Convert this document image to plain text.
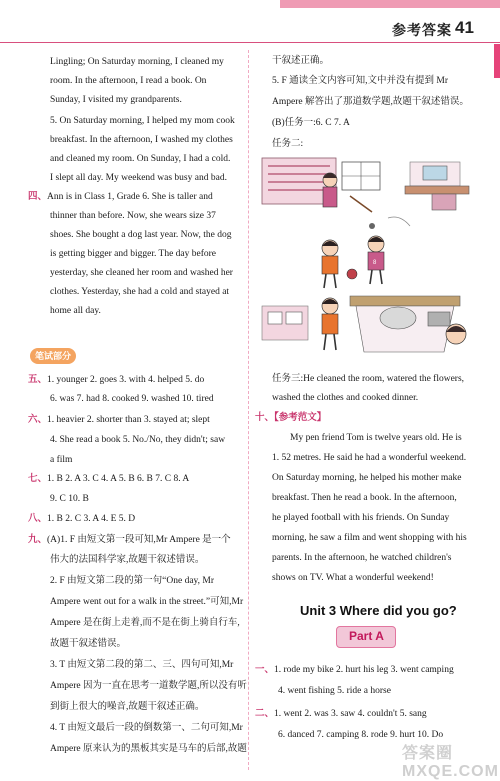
参考答案 41
Lingling; On Saturday morning, I cleaned my
room. In the afternoon, I read a book. On
Sunday, I visited my grandparents.
5. On Saturday morning, I helped my mom cook
breakfast. In the afternoon, I washed my clothes
and cleaned my room. On Sunday, I had a cold.
I slept all day. My weekend was busy and bad.
四、Ann is in Class 1, Grade 6. She is taller and
thinner than before. Now, she wears size 37
shoes. She bought a dog last year. Now, the dog
is getting bigger and bigger. The day before
yesterday, she cleaned her room and washed her
clothes. Yesterday, she had a cold and stayed at
home all day.
笔试部分
五、1. younger 2. goes 3. with 4. helped 5. do
6. was 7. had 8. cooked 9. washed 10. tired
六、1. heavier 2. shorter than 3. stayed at; slept
4. She read a book 5. No./No, they didn't; saw
a film
七、1. B 2. A 3. C 4. A 5. B 6. B 7. C 8. A
9. C 10. B
八、1. B 2. C 3. A 4. E 5. D
九、(A)1. F 由短文第一段可知,Mr Ampere 是一个
伟大的法国科学家,故题干叙述错误。
2. F 由短文第二段的第一句“One day, Mr
Ampere went out for a walk in the street.”可知,Mr
Ampere 是在街上走着,而不是在街上骑自行车,
故题干叙述错误。
3. T 由短文第二段的第二、三、四句可知,Mr
Ampere 因为一直在思考一道数学题,所以没有听
到街上很大的噪音,故题干叙述正确。
4. T 由短文最后一段的倒数第一、二句可知,Mr
Ampere 原来认为的黑板其实是马车的后部,故题
干叙述正确。
5. F 通读全文内容可知,文中并没有提到 Mr
Ampere 解答出了那道数学题,故题干叙述错误。
(B)任务一:6. C 7. A
任务二:
8
任务三:He cleaned the room, watered the flowers,
washed the clothes and cooked dinner.
十、【参考范文】
My pen friend Tom is twelve years old. He is
1. 52 metres. He said he had a wonderful weekend.
On Saturday morning, he helped his mother make
breakfast. Then he read a book. In the afternoon,
he played football with his friends. On Sunday
morning, he saw a film and went shopping with his
parents. In the afternoon, he watched children's
shows on TV. What a wonderful weekend!
Unit 3 Where did you go?
Part A
一、1. rode my bike 2. hurt his leg 3. went camping
4. went fishing 5. ride a horse
二、1. went 2. was 3. saw 4. couldn't 5. sang
6. danced 7. camping 8. rode 9. hurt 10. Do
答案圈 MXQE.COM
